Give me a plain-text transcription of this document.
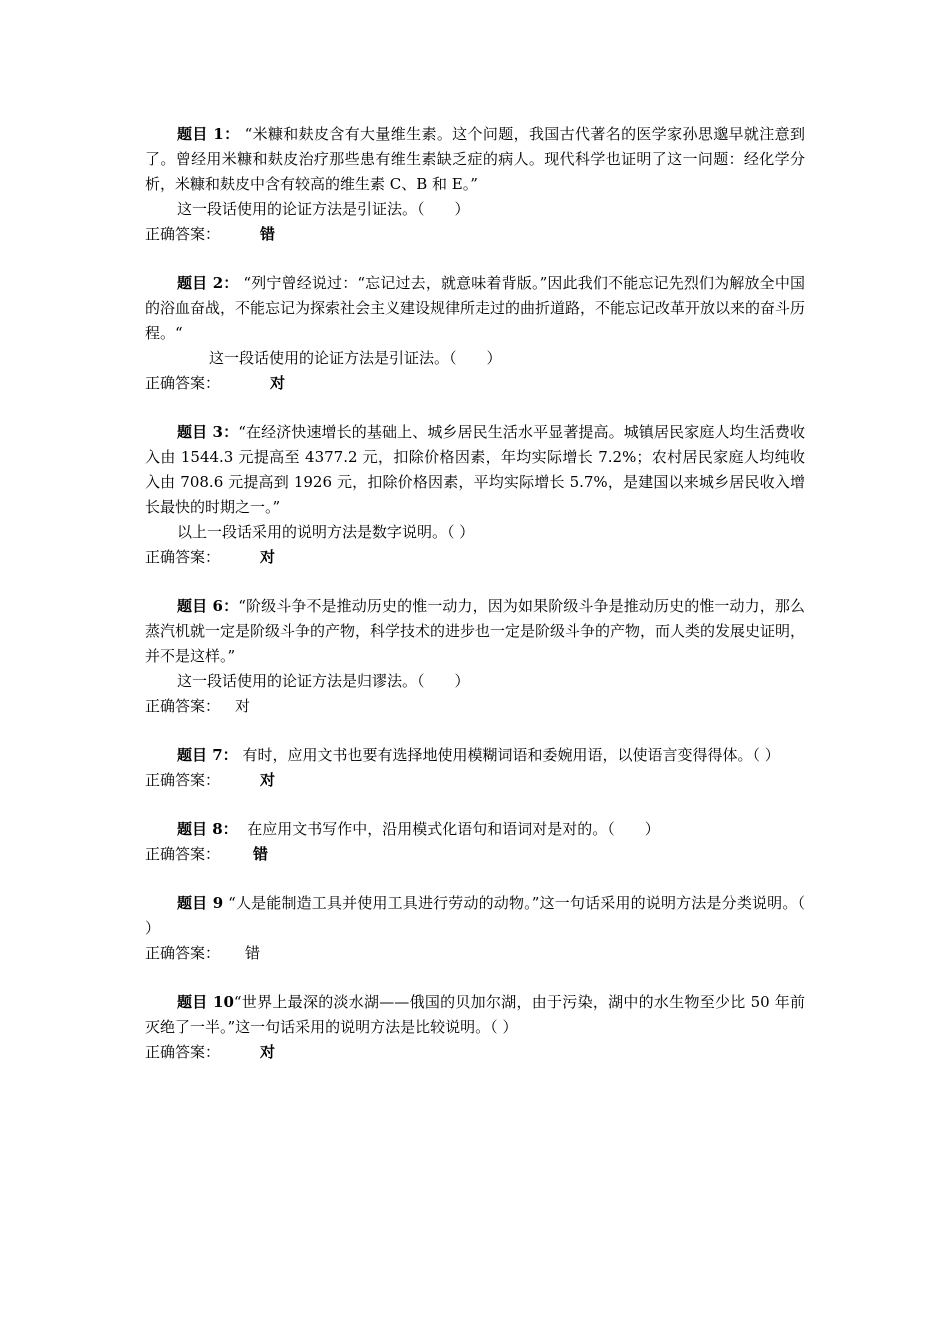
题目 1： “米糠和麸皮含有大量维生素。这个问题，我国古代著名的医学家孙思邈早就注意到了。曾经用米糠和麸皮治疗那些患有维生素缺乏症的病人。现代科学也证明了这一问题：经化学分析，米糠和麸皮中含有较高的维生素 C、B 和 E。”

这一段话使用的论证方法是引证法。（　　）

正确答案：	错

题目 2： “列宁曾经说过：“忘记过去，就意味着背版。”因此我们不能忘记先烈们为解放全中国的浴血奋战，不能忘记为探索社会主义建设规律所走过的曲折道路，不能忘记改革开放以来的奋斗历程。“

这一段话使用的论证方法是引证法。（　　）

正确答案：	对

题目 3：“在经济快速增长的基础上、城乡居民生活水平显著提高。城镇居民家庭人均生活费收入由 1544.3 元提高至 4377.2 元，扣除价格因素，年均实际增长 7.2%；农村居民家庭人均纯收入由 708.6 元提高到 1926 元，扣除价格因素，平均实际增长 5.7%，是建国以来城乡居民收入增长最快的时期之一。”

以上一段话采用的说明方法是数字说明。（ ）

正确答案：	对

题目 6：“阶级斗争不是推动历史的惟一动力，因为如果阶级斗争是推动历史的惟一动力，那么蒸汽机就一定是阶级斗争的产物，科学技术的进步也一定是阶级斗争的产物，而人类的发展史证明，并不是这样。”

这一段话使用的论证方法是归谬法。（　　）

正确答案： 对

题目 7： 有时，应用文书也要有选择地使用模糊词语和委婉用语，以使语言变得得体。（ ）

正确答案：	对

题目 8： 在应用文书写作中，沿用模式化语句和语词对是对的。（　　）

正确答案：	错

题目 9 “人是能制造工具并使用工具进行劳动的动物。”这一句话采用的说明方法是分类说明。（　 ）

正确答案：	错

题目 10“世界上最深的淡水湖——俄国的贝加尔湖，由于污染，湖中的水生物至少比 50 年前灭绝了一半。”这一句话采用的说明方法是比较说明。（ ）

正确答案：	对
